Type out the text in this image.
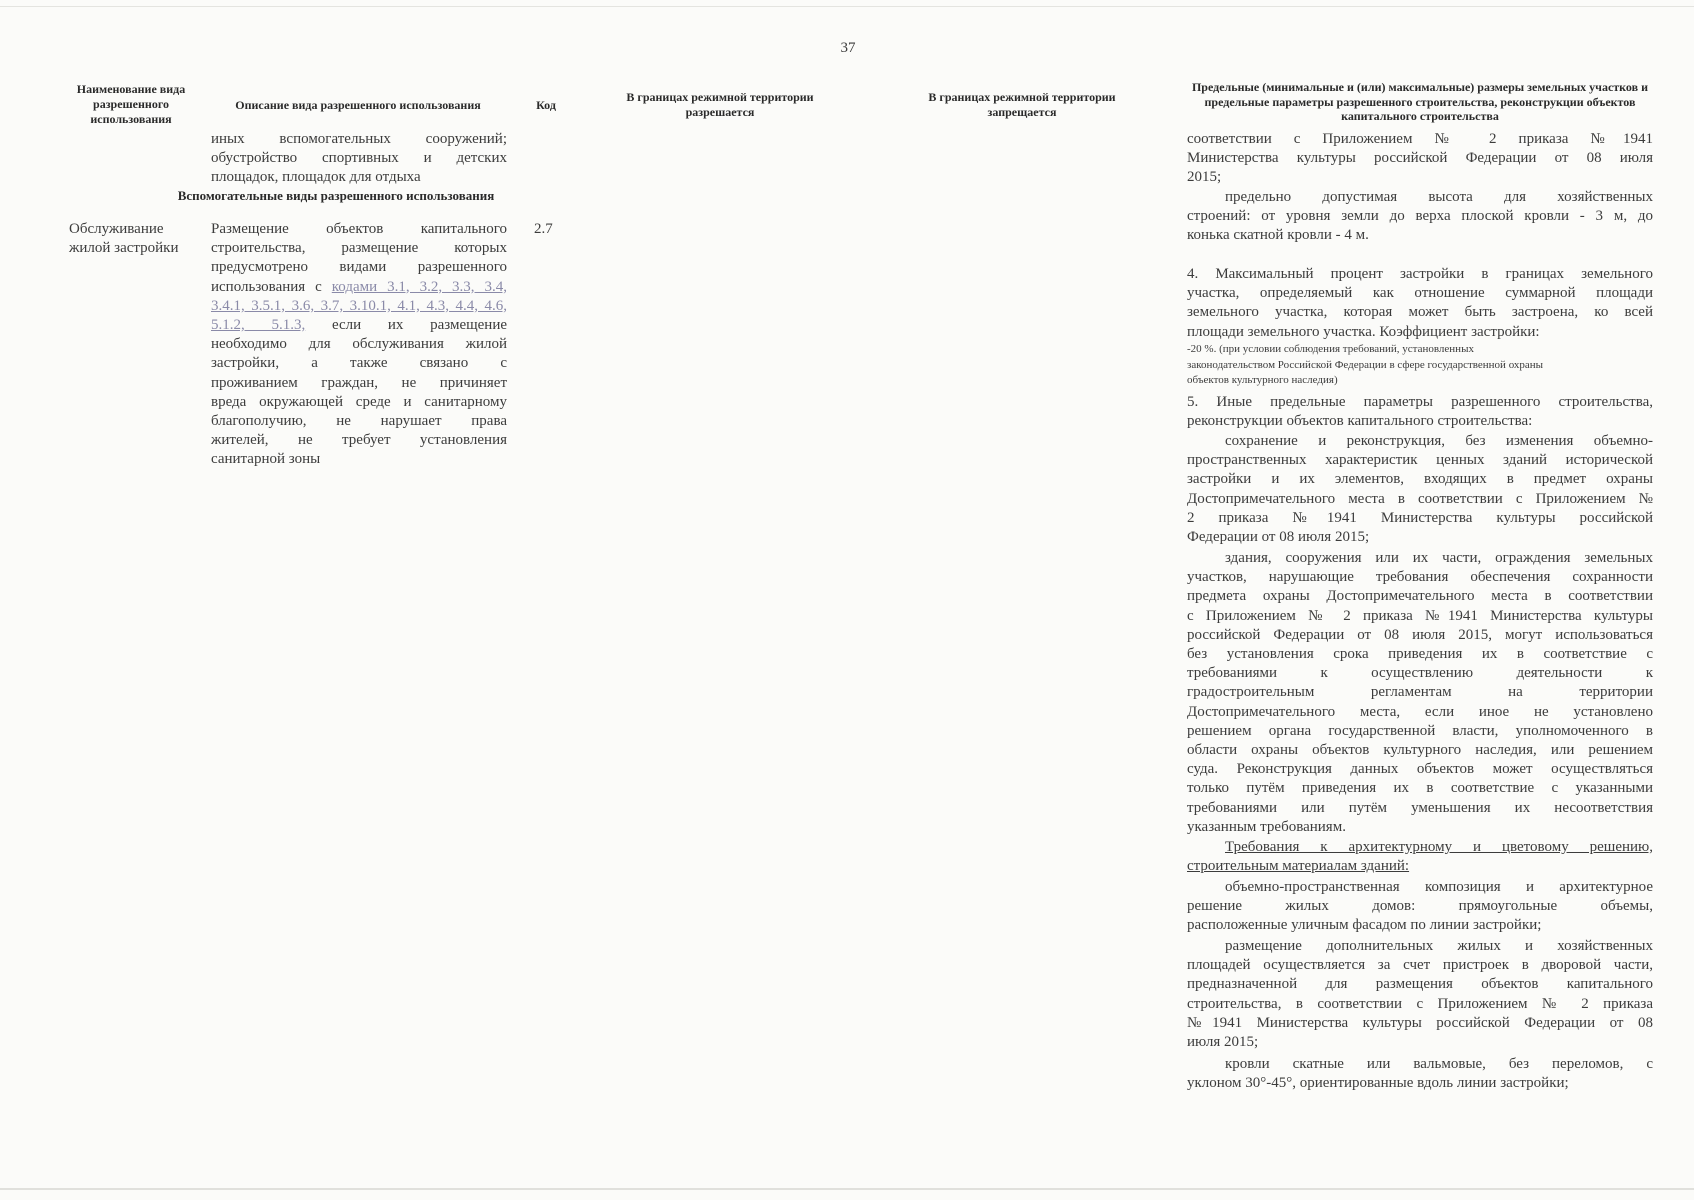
37
Наименование вида разрешенного использования
Описание вида разрешенного использования	Код
В границах режимной территории разрешается
В границах режимной территории запрещается
Предельные (минимальные и (или) максимальные) размеры земельных участков и предельные параметры разрешенного строительства, реконструкции объектов капитального строительства
иных вспомогательных сооружений;
обустройство спортивных и детских
площадок, площадок для отдыха
Вспомогательные виды разрешенного использования
Обслуживание
жилой застройки
2.7
Размещение объектов капитального
строительства, размещение которых
предусмотрено видами разрешенного
использования с кодами 3.1, 3.2, 3.3, 3.4,
3.4.1, 3.5.1, 3.6, 3.7, 3.10.1, 4.1, 4.3, 4.4, 4.6,
5.1.2, 5.1.3, если их размещение
необходимо для обслуживания жилой
застройки, а также связано с
проживанием граждан, не причиняет
вреда окружающей среде и санитарному
благополучию, не нарушает права
жителей, не требует установления
санитарной зоны
соответствии с Приложением № 2 приказа №1941
Министерства культуры российской Федерации от 08 июля
2015;
предельно допустимая высота для хозяйственных
строений: от уровня земли до верха плоской кровли - 3 м, до
конька скатной кровли - 4 м.
4. Максимальный процент застройки в границах земельного
участка, определяемый как отношение суммарной площади
земельного участка, которая может быть застроена, ко всей
площади земельного участка. Коэффициент застройки:
-20 %. (при условии соблюдения требований, установленных
законодательством Российской Федерации в сфере государственной охраны
объектов культурного наследия)
5. Иные предельные параметры разрешенного строительства,
реконструкции объектов капитального строительства:
сохранение и реконструкция, без изменения объемно-
пространственных характеристик ценных зданий исторической
застройки и их элементов, входящих в предмет охраны
Достопримечательного места в соответствии с Приложением №
2 приказа №1941 Министерства культуры российской
Федерации от 08 июля 2015;
здания, сооружения или их части, ограждения земельных
участков, нарушающие требования обеспечения сохранности
предмета охраны Достопримечательного места в соответствии
с Приложением № 2 приказа №1941 Министерства культуры
российской Федерации от 08 июля 2015, могут использоваться
без установления срока приведения их в соответствие с
требованиями к осуществлению деятельности к
градостроительным регламентам на территории
Достопримечательного места, если иное не установлено
решением органа государственной власти, уполномоченного в
области охраны объектов культурного наследия, или решением
суда. Реконструкция данных объектов может осуществляться
только путём приведения их в соответствие с указанными
требованиями или путём уменьшения их несоответствия
указанным требованиям.
Требования к архитектурному и цветовому решению,
строительным материалам зданий:
объемно-пространственная композиция и архитектурное
решение жилых домов: прямоугольные объемы,
расположенные уличным фасадом по линии застройки;
размещение дополнительных жилых и хозяйственных
площадей осуществляется за счет пристроек в дворовой части,
предназначенной для размещения объектов капитального
строительства, в соответствии с Приложением № 2 приказа
№1941 Министерства культуры российской Федерации от 08
июля 2015;
кровли скатные или вальмовые, без переломов, с
уклоном 30°-45°, ориентированные вдоль линии застройки;
